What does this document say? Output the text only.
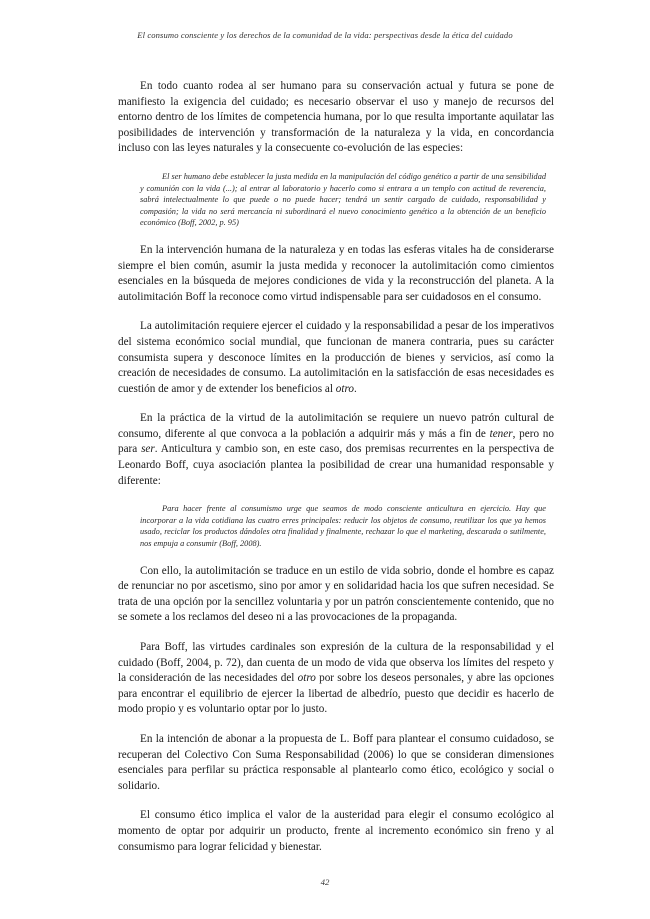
El consumo consciente y los derechos de la comunidad de la vida: perspectivas desde la ética del cuidado

En todo cuanto rodea al ser humano para su conservación actual y futura se pone de manifiesto la exigencia del cuidado; es necesario observar el uso y manejo de recursos del entorno dentro de los límites de competencia humana, por lo que resulta importante aquilatar las posibilidades de intervención y transformación de la naturaleza y la vida, en concordancia incluso con las leyes naturales y la consecuente co-evolución de las especies:

El ser humano debe establecer la justa medida en la manipulación del código genético a partir de una sensibilidad y comunión con la vida (...); al entrar al laboratorio y hacerlo como si entrara a un templo con actitud de reverencia, sabrá intelectualmente lo que puede o no puede hacer; tendrá un sentir cargado de cuidado, responsabilidad y compasión; la vida no será mercancía ni subordinará el nuevo conocimiento genético a la obtención de un beneficio económico (Boff, 2002, p. 95)

En la intervención humana de la naturaleza y en todas las esferas vitales ha de considerarse siempre el bien común, asumir la justa medida y reconocer la autolimitación como cimientos esenciales en la búsqueda de mejores condiciones de vida y la reconstrucción del planeta. A la autolimitación Boff la reconoce como virtud indispensable para ser cuidadosos en el consumo.

La autolimitación requiere ejercer el cuidado y la responsabilidad a pesar de los imperativos del sistema económico social mundial, que funcionan de manera contraria, pues su carácter consumista supera y desconoce límites en la producción de bienes y servicios, así como la creación de necesidades de consumo. La autolimitación en la satisfacción de esas necesidades es cuestión de amor y de extender los beneficios al otro.

En la práctica de la virtud de la autolimitación se requiere un nuevo patrón cultural de consumo, diferente al que convoca a la población a adquirir más y más a fin de tener, pero no para ser. Anticultura y cambio son, en este caso, dos premisas recurrentes en la perspectiva de Leonardo Boff, cuya asociación plantea la posibilidad de crear una humanidad responsable y diferente:

Para hacer frente al consumismo urge que seamos de modo consciente anticultura en ejercicio. Hay que incorporar a la vida cotidiana las cuatro erres principales: reducir los objetos de consumo, reutilizar los que ya hemos usado, reciclar los productos dándoles otra finalidad y finalmente, rechazar lo que el marketing, descarada o sutilmente, nos empuja a consumir (Boff, 2008).

Con ello, la autolimitación se traduce en un estilo de vida sobrio, donde el hombre es capaz de renunciar no por ascetismo, sino por amor y en solidaridad hacia los que sufren necesidad. Se trata de una opción por la sencillez voluntaria y por un patrón conscientemente contenido, que no se somete a los reclamos del deseo ni a las provocaciones de la propaganda.

Para Boff, las virtudes cardinales son expresión de la cultura de la responsabilidad y el cuidado (Boff, 2004, p. 72), dan cuenta de un modo de vida que observa los límites del respeto y la consideración de las necesidades del otro por sobre los deseos personales, y abre las opciones para encontrar el equilibrio de ejercer la libertad de albedrío, puesto que decidir es hacerlo de modo propio y es voluntario optar por lo justo.

En la intención de abonar a la propuesta de L. Boff para plantear el consumo cuidadoso, se recuperan del Colectivo Con Suma Responsabilidad (2006) lo que se consideran dimensiones esenciales para perfilar su práctica responsable al plantearlo como ético, ecológico y social o solidario.

El consumo ético implica el valor de la austeridad para elegir el consumo ecológico al momento de optar por adquirir un producto, frente al incremento económico sin freno y al consumismo para lograr felicidad y bienestar.

42
